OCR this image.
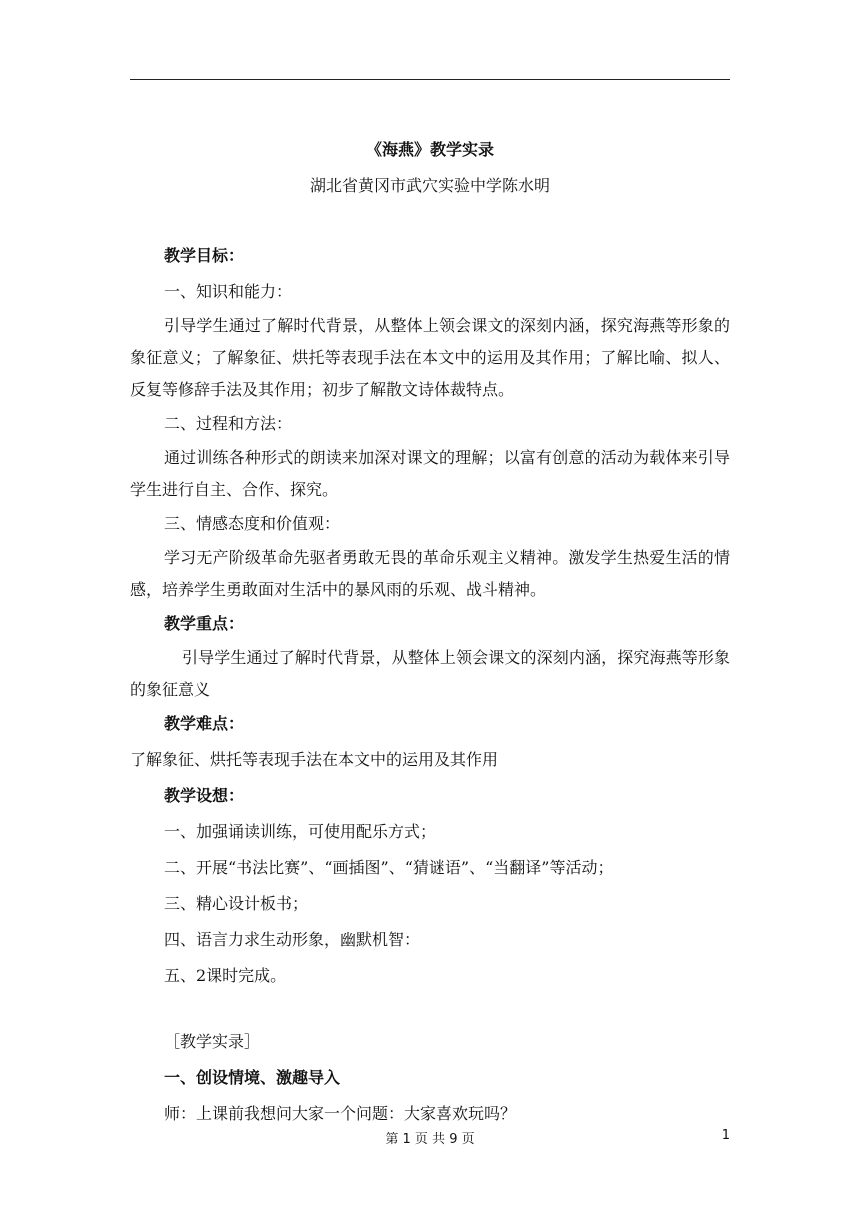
《海燕》教学实录

湖北省黄冈市武穴实验中学陈水明

教学目标：

一、知识和能力：

引导学生通过了解时代背景，从整体上领会课文的深刻内涵，探究海燕等形象的象征意义；了解象征、烘托等表现手法在本文中的运用及其作用；了解比喻、拟人、反复等修辞手法及其作用；初步了解散文诗体裁特点。

二、过程和方法：

通过训练各种形式的朗读来加深对课文的理解；以富有创意的活动为载体来引导学生进行自主、合作、探究。

三、情感态度和价值观：

学习无产阶级革命先驱者勇敢无畏的革命乐观主义精神。激发学生热爱生活的情感，培养学生勇敢面对生活中的暴风雨的乐观、战斗精神。

教学重点：

引导学生通过了解时代背景，从整体上领会课文的深刻内涵，探究海燕等形象的象征意义

教学难点：

了解象征、烘托等表现手法在本文中的运用及其作用

教学设想：

一、加强诵读训练，可使用配乐方式；

二、开展“书法比赛”、“画插图”、“猜谜语”、“当翻译”等活动；

三、精心设计板书；

四、语言力求生动形象，幽默机智：

五、2课时完成。

［教学实录］

一、创设情境、激趣导入

师：上课前我想问大家一个问题：大家喜欢玩吗？

第 1 页 共 9 页	1
